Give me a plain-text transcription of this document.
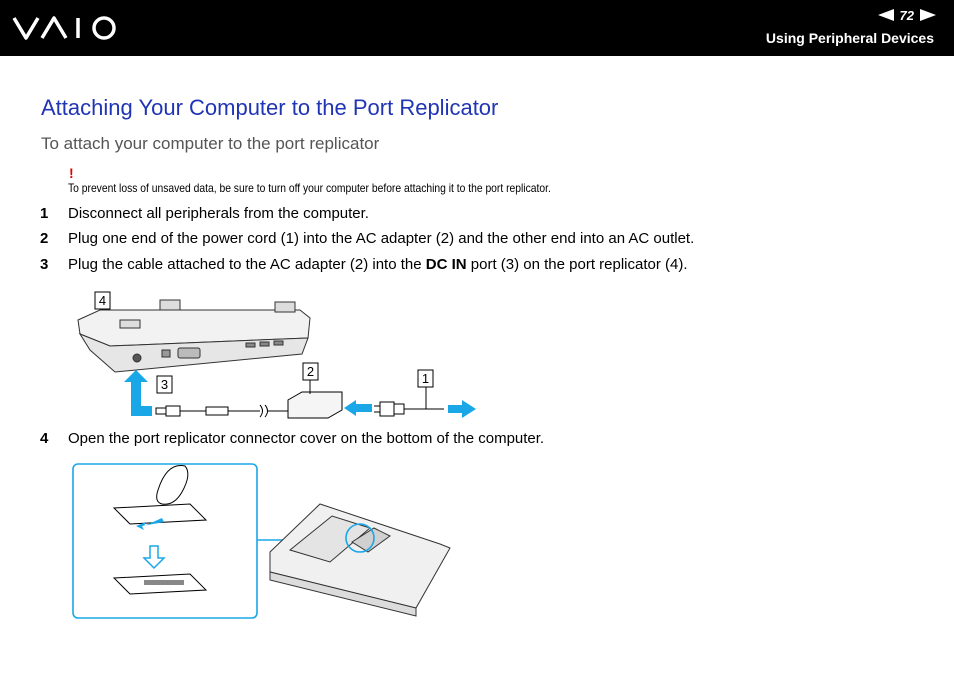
72
Using Peripheral Devices
Attaching Your Computer to the Port Replicator
To attach your computer to the port replicator
!
To prevent loss of unsaved data, be sure to turn off your computer before attaching it to the port replicator.
1 Disconnect all peripherals from the computer.
2 Plug one end of the power cord (1) into the AC adapter (2) and the other end into an AC outlet.
3 Plug the cable attached to the AC adapter (2) into the DC IN port (3) on the port replicator (4).
4
3
2	1
4 Open the port replicator connector cover on the bottom of the computer.
